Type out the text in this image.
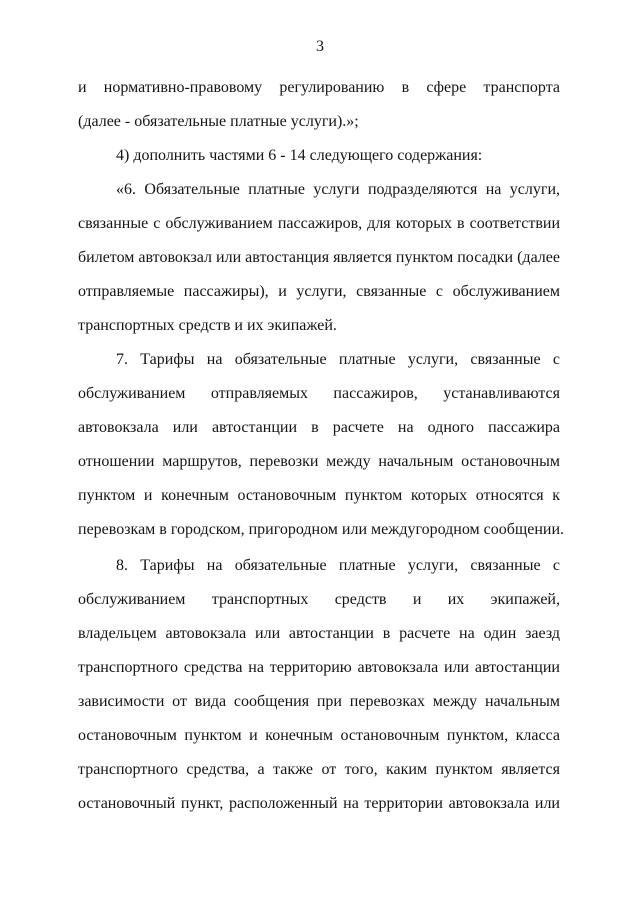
3
и нормативно-правовому регулированию в сфере транспорта
(далее - обязательные платные услуги).»;
4) дополнить частями 6 - 14 следующего содержания:
«6. Обязательные платные услуги подразделяются на услуги,
связанные с обслуживанием пассажиров, для которых в соответствии
билетом автовокзал или автостанция является пунктом посадки (далее
отправляемые пассажиры), и услуги, связанные с обслуживанием
транспортных средств и их экипажей.
7. Тарифы на обязательные платные услуги, связанные с
обслуживанием отправляемых пассажиров, устанавливаются
автовокзала или автостанции в расчете на одного пассажира
отношении маршрутов, перевозки между начальным остановочным
пунктом и конечным остановочным пунктом которых относятся к
перевозкам в городском, пригородном или междугородном сообщении.
8. Тарифы на обязательные платные услуги, связанные с
обслуживанием транспортных средств и их экипажей,
владельцем автовокзала или автостанции в расчете на один заезд
транспортного средства на территорию автовокзала или автостанции
зависимости от вида сообщения при перевозках между начальным
остановочным пунктом и конечным остановочным пунктом, класса
транспортного средства, а также от того, каким пунктом является
остановочный пункт, расположенный на территории автовокзала или
